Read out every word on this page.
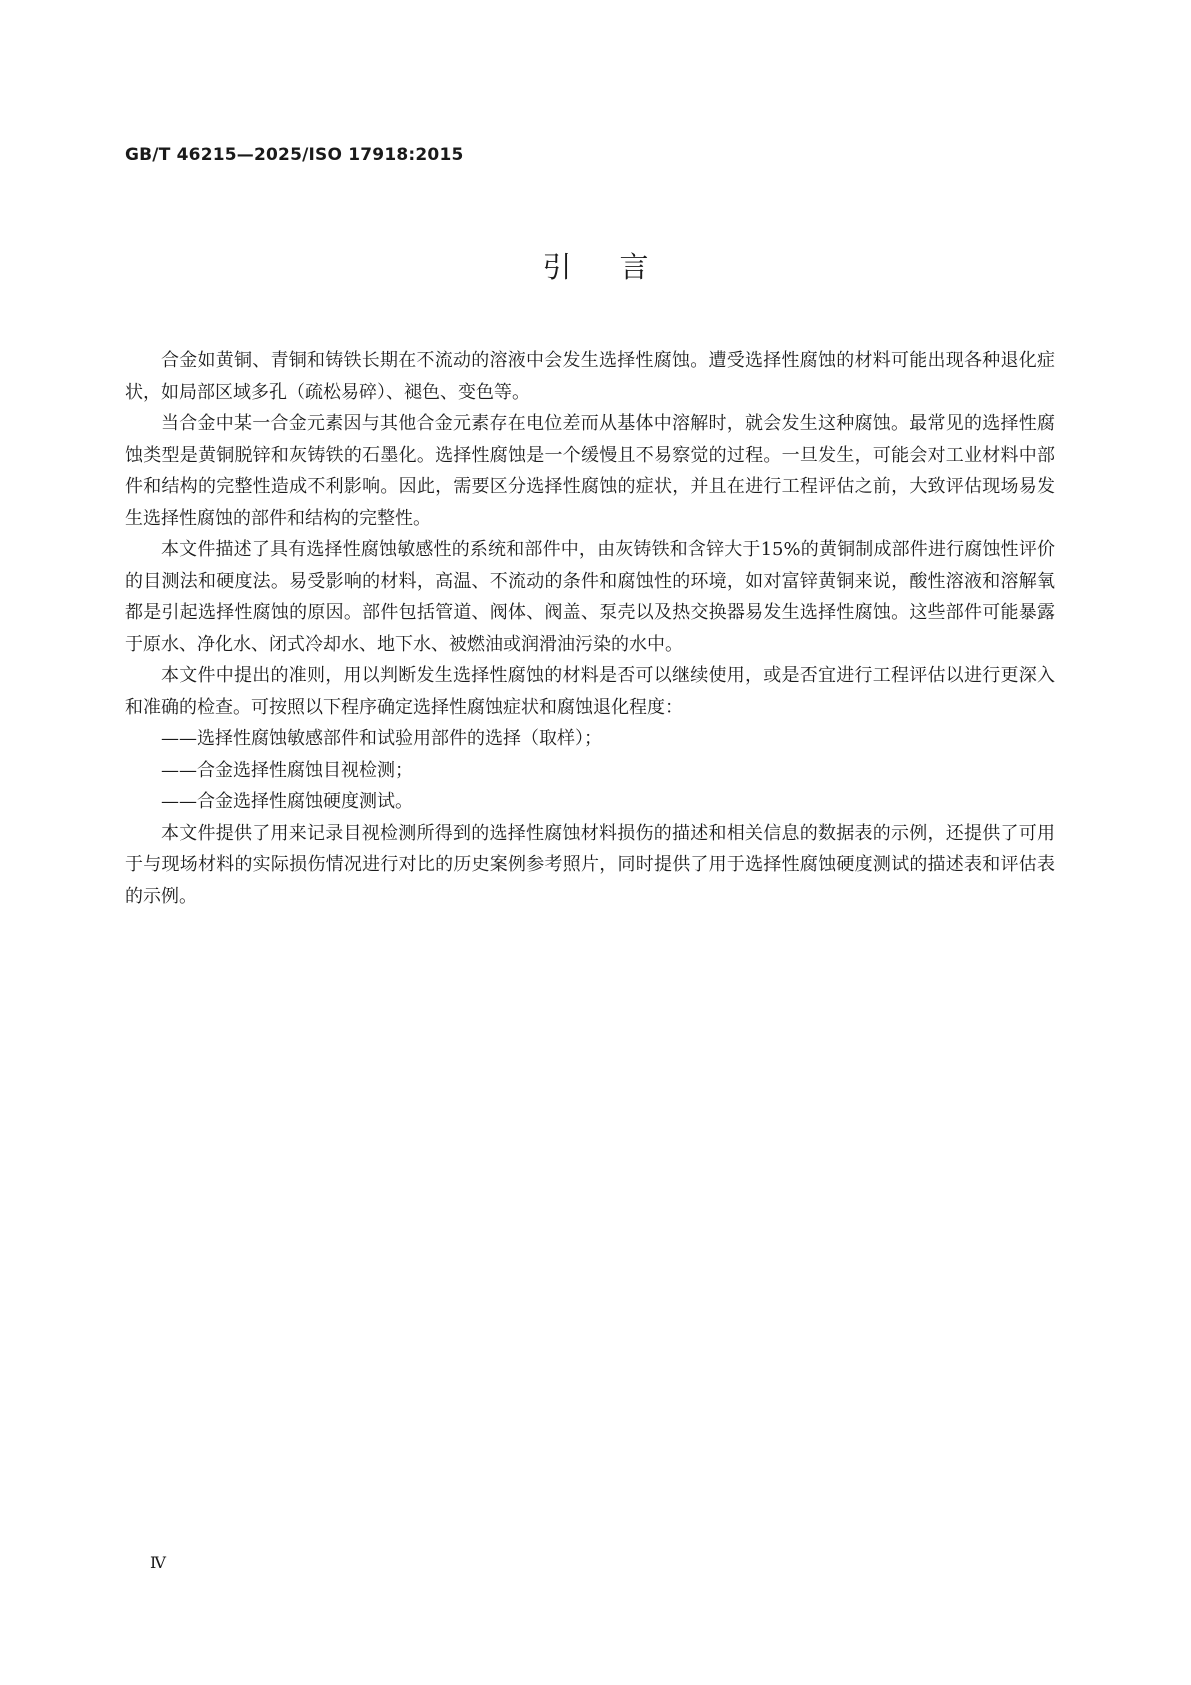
GB/T 46215—2025/ISO 17918:2015
引言

合金如黄铜、青铜和铸铁长期在不流动的溶液中会发生选择性腐蚀。遭受选择性腐蚀的材料可能出现各种退化症状，如局部区域多孔（疏松易碎）、褪色、变色等。

当合金中某一合金元素因与其他合金元素存在电位差而从基体中溶解时，就会发生这种腐蚀。最常见的选择性腐蚀类型是黄铜脱锌和灰铸铁的石墨化。选择性腐蚀是一个缓慢且不易察觉的过程。一旦发生，可能会对工业材料中部件和结构的完整性造成不利影响。因此，需要区分选择性腐蚀的症状，并且在进行工程评估之前，大致评估现场易发生选择性腐蚀的部件和结构的完整性。

本文件描述了具有选择性腐蚀敏感性的系统和部件中，由灰铸铁和含锌大于15%的黄铜制成部件进行腐蚀性评价的目测法和硬度法。易受影响的材料，高温、不流动的条件和腐蚀性的环境，如对富锌黄铜来说，酸性溶液和溶解氧都是引起选择性腐蚀的原因。部件包括管道、阀体、阀盖、泵壳以及热交换器易发生选择性腐蚀。这些部件可能暴露于原水、净化水、闭式冷却水、地下水、被燃油或润滑油污染的水中。

本文件中提出的准则，用以判断发生选择性腐蚀的材料是否可以继续使用，或是否宜进行工程评估以进行更深入和准确的检查。可按照以下程序确定选择性腐蚀症状和腐蚀退化程度：

——选择性腐蚀敏感部件和试验用部件的选择（取样）；

——合金选择性腐蚀目视检测；

——合金选择性腐蚀硬度测试。

本文件提供了用来记录目视检测所得到的选择性腐蚀材料损伤的描述和相关信息的数据表的示例，还提供了可用于与现场材料的实际损伤情况进行对比的历史案例参考照片，同时提供了用于选择性腐蚀硬度测试的描述表和评估表的示例。

Ⅳ
